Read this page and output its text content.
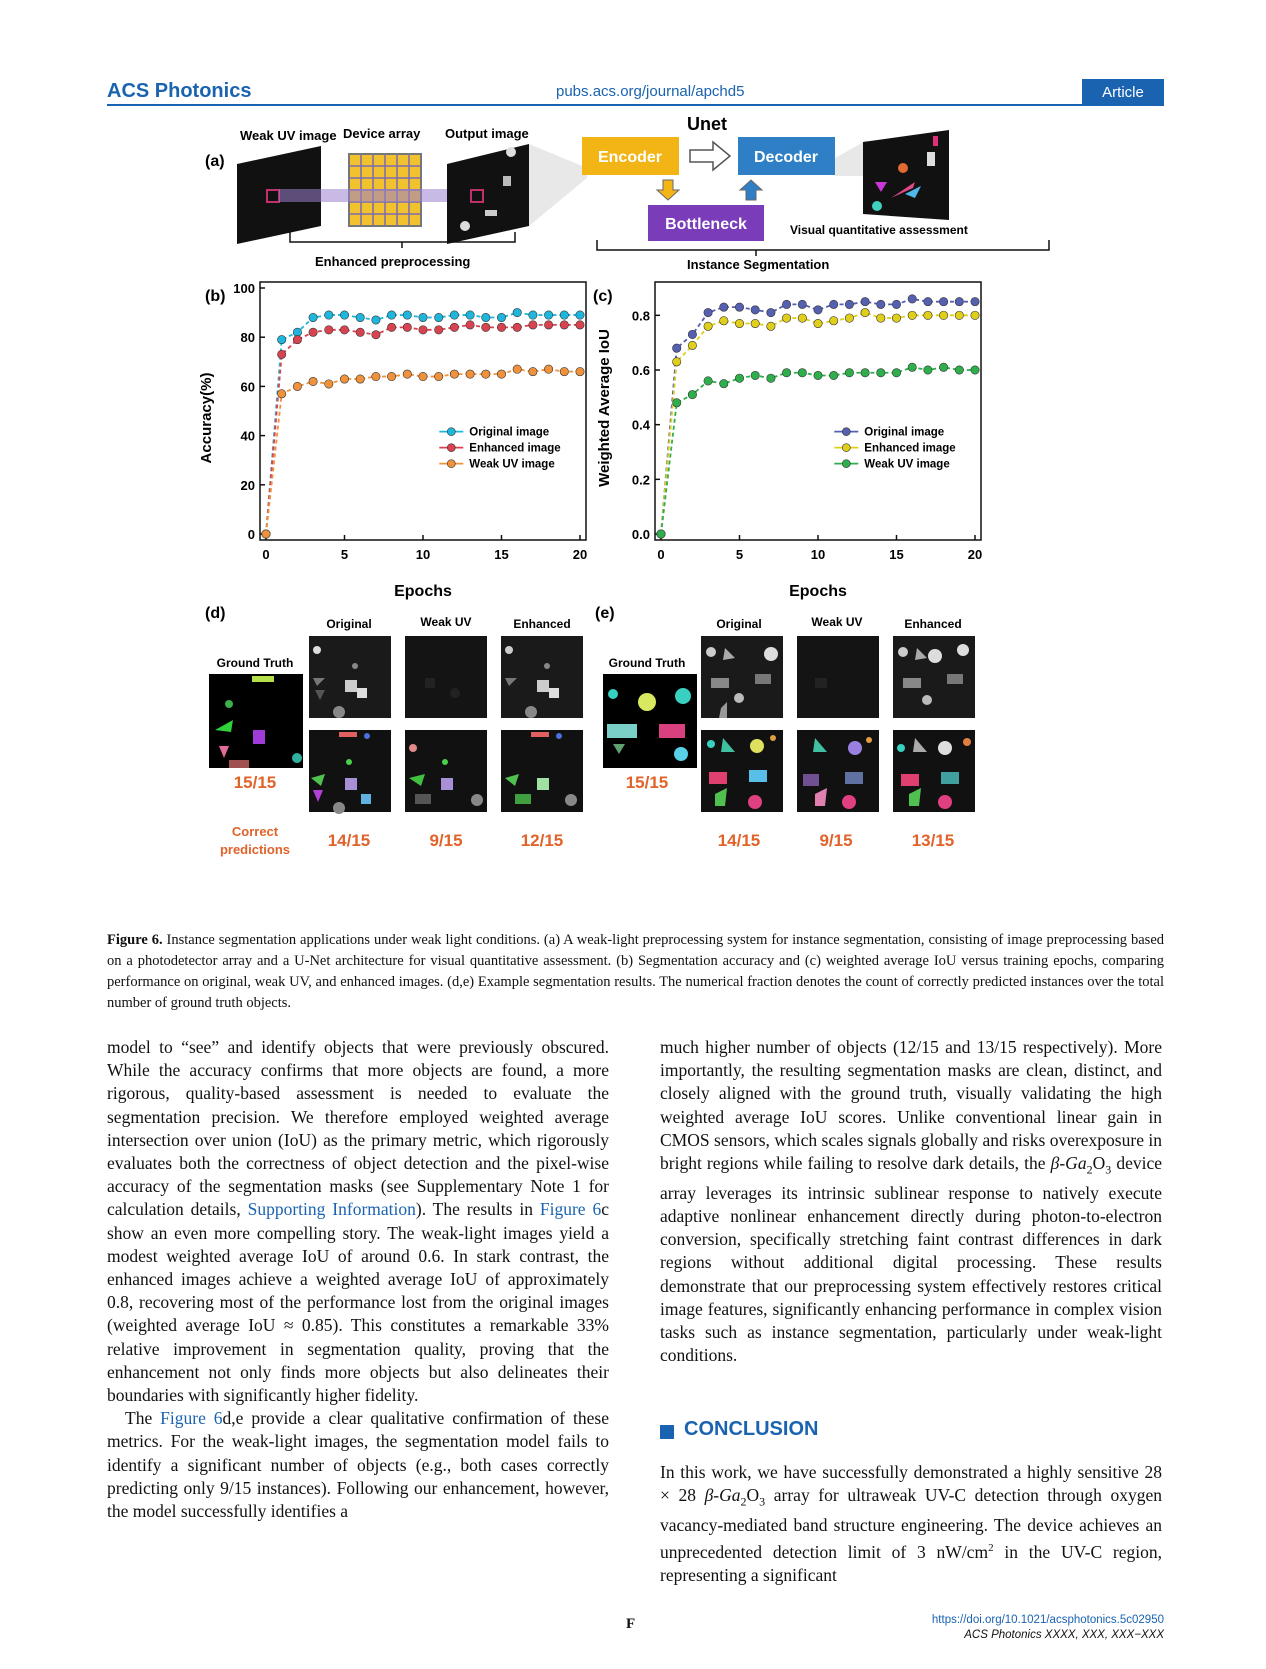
ACS Photonics	pubs.acs.org/journal/apchd5	Article
(a)
Weak UV image Device array Output image	Unet
Encoder	Decoder
Bottleneck	Visual quantitative assessment
Enhanced preprocessing	Instance Segmentation
(b)
0
20
40
60
80
100
0	5	10	15	20
Accuracy(%)
Epochs
Original image
Enhanced image
Weak UV image
(c)
0.0
0.2
0.4
0.6
0.8
0	5	10	15	20
Weighted Average IoU
Epochs
Original image
Enhanced image
Weak UV image
(d)
Original	Weak UV	Enhanced
Ground Truth
15/15
Correct
predictions 14/15	9/15	12/15
(e)
Original	Weak UV	Enhanced
Ground Truth
15/15
14/15	9/15	13/15
Figure 6. Instance segmentation applications under weak light conditions. (a) A weak-light preprocessing system for instance segmentation, consisting of image preprocessing based on a photodetector array and a U-Net architecture for visual quantitative assessment. (b) Segmentation accuracy and (c) weighted average IoU versus training epochs, comparing performance on original, weak UV, and enhanced images. (d,e) Example segmentation results. The numerical fraction denotes the count of correctly predicted instances over the total number of ground truth objects.

model to “see” and identify objects that were previously obscured. While the accuracy confirms that more objects are found, a more rigorous, quality-based assessment is needed to evaluate the segmentation precision. We therefore employed weighted average intersection over union (IoU) as the primary metric, which rigorously evaluates both the correctness of object detection and the pixel-wise accuracy of the segmentation masks (see Supplementary Note 1 for calculation details, Supporting Information). The results in Figure 6c show an even more compelling story. The weak-light images yield a modest weighted average IoU of around 0.6. In stark contrast, the enhanced images achieve a weighted average IoU of approximately 0.8, recovering most of the performance lost from the original images (weighted average IoU ≈ 0.85). This constitutes a remarkable 33% relative improvement in segmentation quality, proving that the enhancement not only finds more objects but also delineates their boundaries with significantly higher fidelity.

The Figure 6d,e provide a clear qualitative confirmation of these metrics. For the weak-light images, the segmentation model fails to identify a significant number of objects (e.g., both cases correctly predicting only 9/15 instances). Following our enhancement, however, the model successfully identifies a

much higher number of objects (12/15 and 13/15 respectively). More importantly, the resulting segmentation masks are clean, distinct, and closely aligned with the ground truth, visually validating the high weighted average IoU scores. Unlike conventional linear gain in CMOS sensors, which scales signals globally and risks overexposure in bright regions while failing to resolve dark details, the $\beta-Ga_2O_3$ device array leverages its intrinsic sublinear response to natively execute adaptive nonlinear enhancement directly during photon-to-electron conversion, specifically stretching faint contrast differences in dark regions without additional digital processing. These results demonstrate that our preprocessing system effectively restores critical image features, significantly enhancing performance in complex vision tasks such as instance segmentation, particularly under weak-light conditions.

CONCLUSION

In this work, we have successfully demonstrated a highly sensitive 28 × 28 $\beta-Ga_2O_3$ array for ultraweak UV-C detection through oxygen vacancy-mediated band structure engineering. The device achieves an unprecedented detection limit of 3 $nW/cm^2$ in the UV-C region, representing a significant

F	https://doi.org/10.1021/acsphotonics.5c02950
ACS Photonics XXXX, XXX, XXX−XXX
